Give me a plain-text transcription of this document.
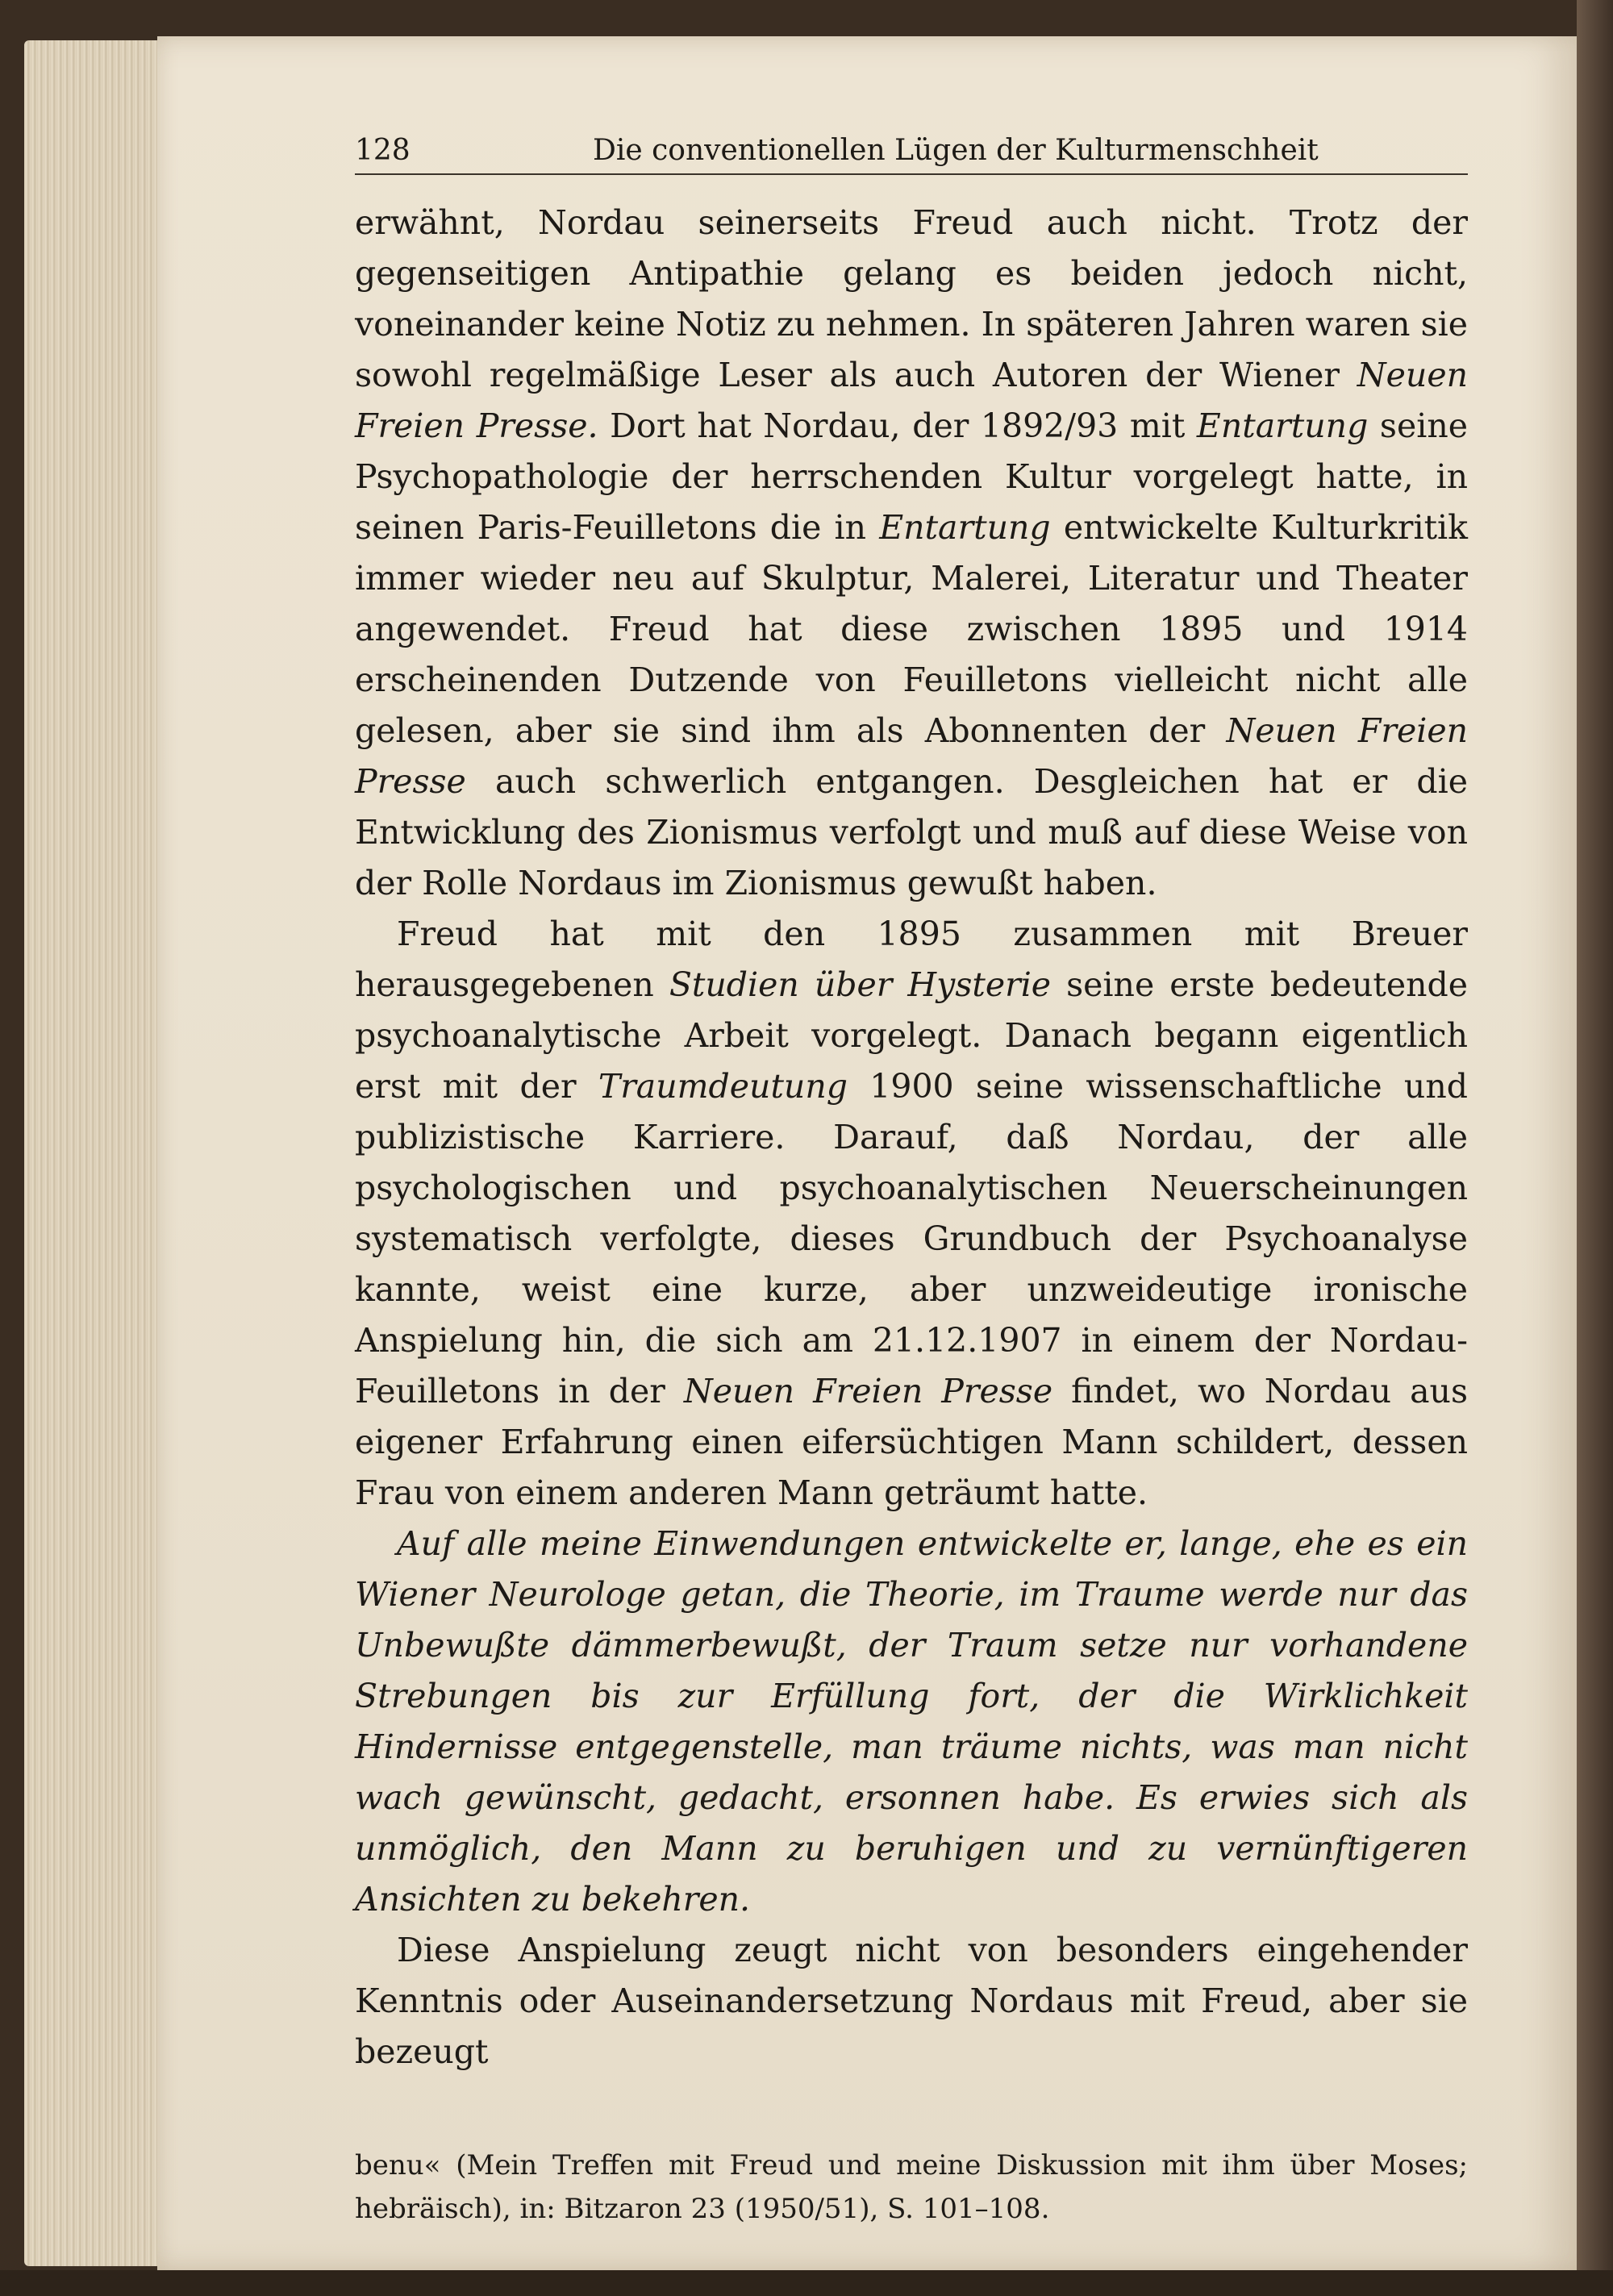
128	Die conventionellen Lügen der Kulturmenschheit

erwähnt, Nordau seinerseits Freud auch nicht. Trotz der gegenseitigen Antipathie gelang es beiden jedoch nicht, voneinander keine Notiz zu nehmen. In späteren Jahren waren sie sowohl regelmäßige Leser als auch Autoren der Wiener Neuen Freien Presse. Dort hat Nordau, der 1892/93 mit Entartung seine Psychopathologie der herrschenden Kultur vorgelegt hatte, in seinen Paris-Feuilletons die in Entartung entwickelte Kulturkritik immer wieder neu auf Skulptur, Malerei, Literatur und Theater angewendet. Freud hat diese zwischen 1895 und 1914 erscheinenden Dutzende von Feuilletons vielleicht nicht alle gelesen, aber sie sind ihm als Abonnenten der Neuen Freien Presse auch schwerlich entgangen. Desgleichen hat er die Entwicklung des Zionismus verfolgt und muß auf diese Weise von der Rolle Nordaus im Zionismus gewußt haben.

Freud hat mit den 1895 zusammen mit Breuer herausgegebenen Studien über Hysterie seine erste bedeutende psychoanalytische Arbeit vorgelegt. Danach begann eigentlich erst mit der Traumdeutung 1900 seine wissenschaftliche und publizistische Karriere. Darauf, daß Nordau, der alle psychologischen und psychoanalytischen Neuerscheinungen systematisch verfolgte, dieses Grundbuch der Psychoanalyse kannte, weist eine kurze, aber unzweideutige ironische Anspielung hin, die sich am 21.12.1907 in einem der Nordau-Feuilletons in der Neuen Freien Presse findet, wo Nordau aus eigener Erfahrung einen eifersüchtigen Mann schildert, dessen Frau von einem anderen Mann geträumt hatte.

Auf alle meine Einwendungen entwickelte er, lange, ehe es ein Wiener Neurologe getan, die Theorie, im Traume werde nur das Unbewußte dämmerbewußt, der Traum setze nur vorhandene Strebungen bis zur Erfüllung fort, der die Wirklichkeit Hindernisse entgegenstelle, man träume nichts, was man nicht wach gewünscht, gedacht, ersonnen habe. Es erwies sich als unmöglich, den Mann zu beruhigen und zu vernünftigeren Ansichten zu bekehren.

Diese Anspielung zeugt nicht von besonders eingehender Kenntnis oder Auseinandersetzung Nordaus mit Freud, aber sie bezeugt

benu« (Mein Treffen mit Freud und meine Diskussion mit ihm über Moses; hebräisch), in: Bitzaron 23 (1950/51), S. 101–108.
